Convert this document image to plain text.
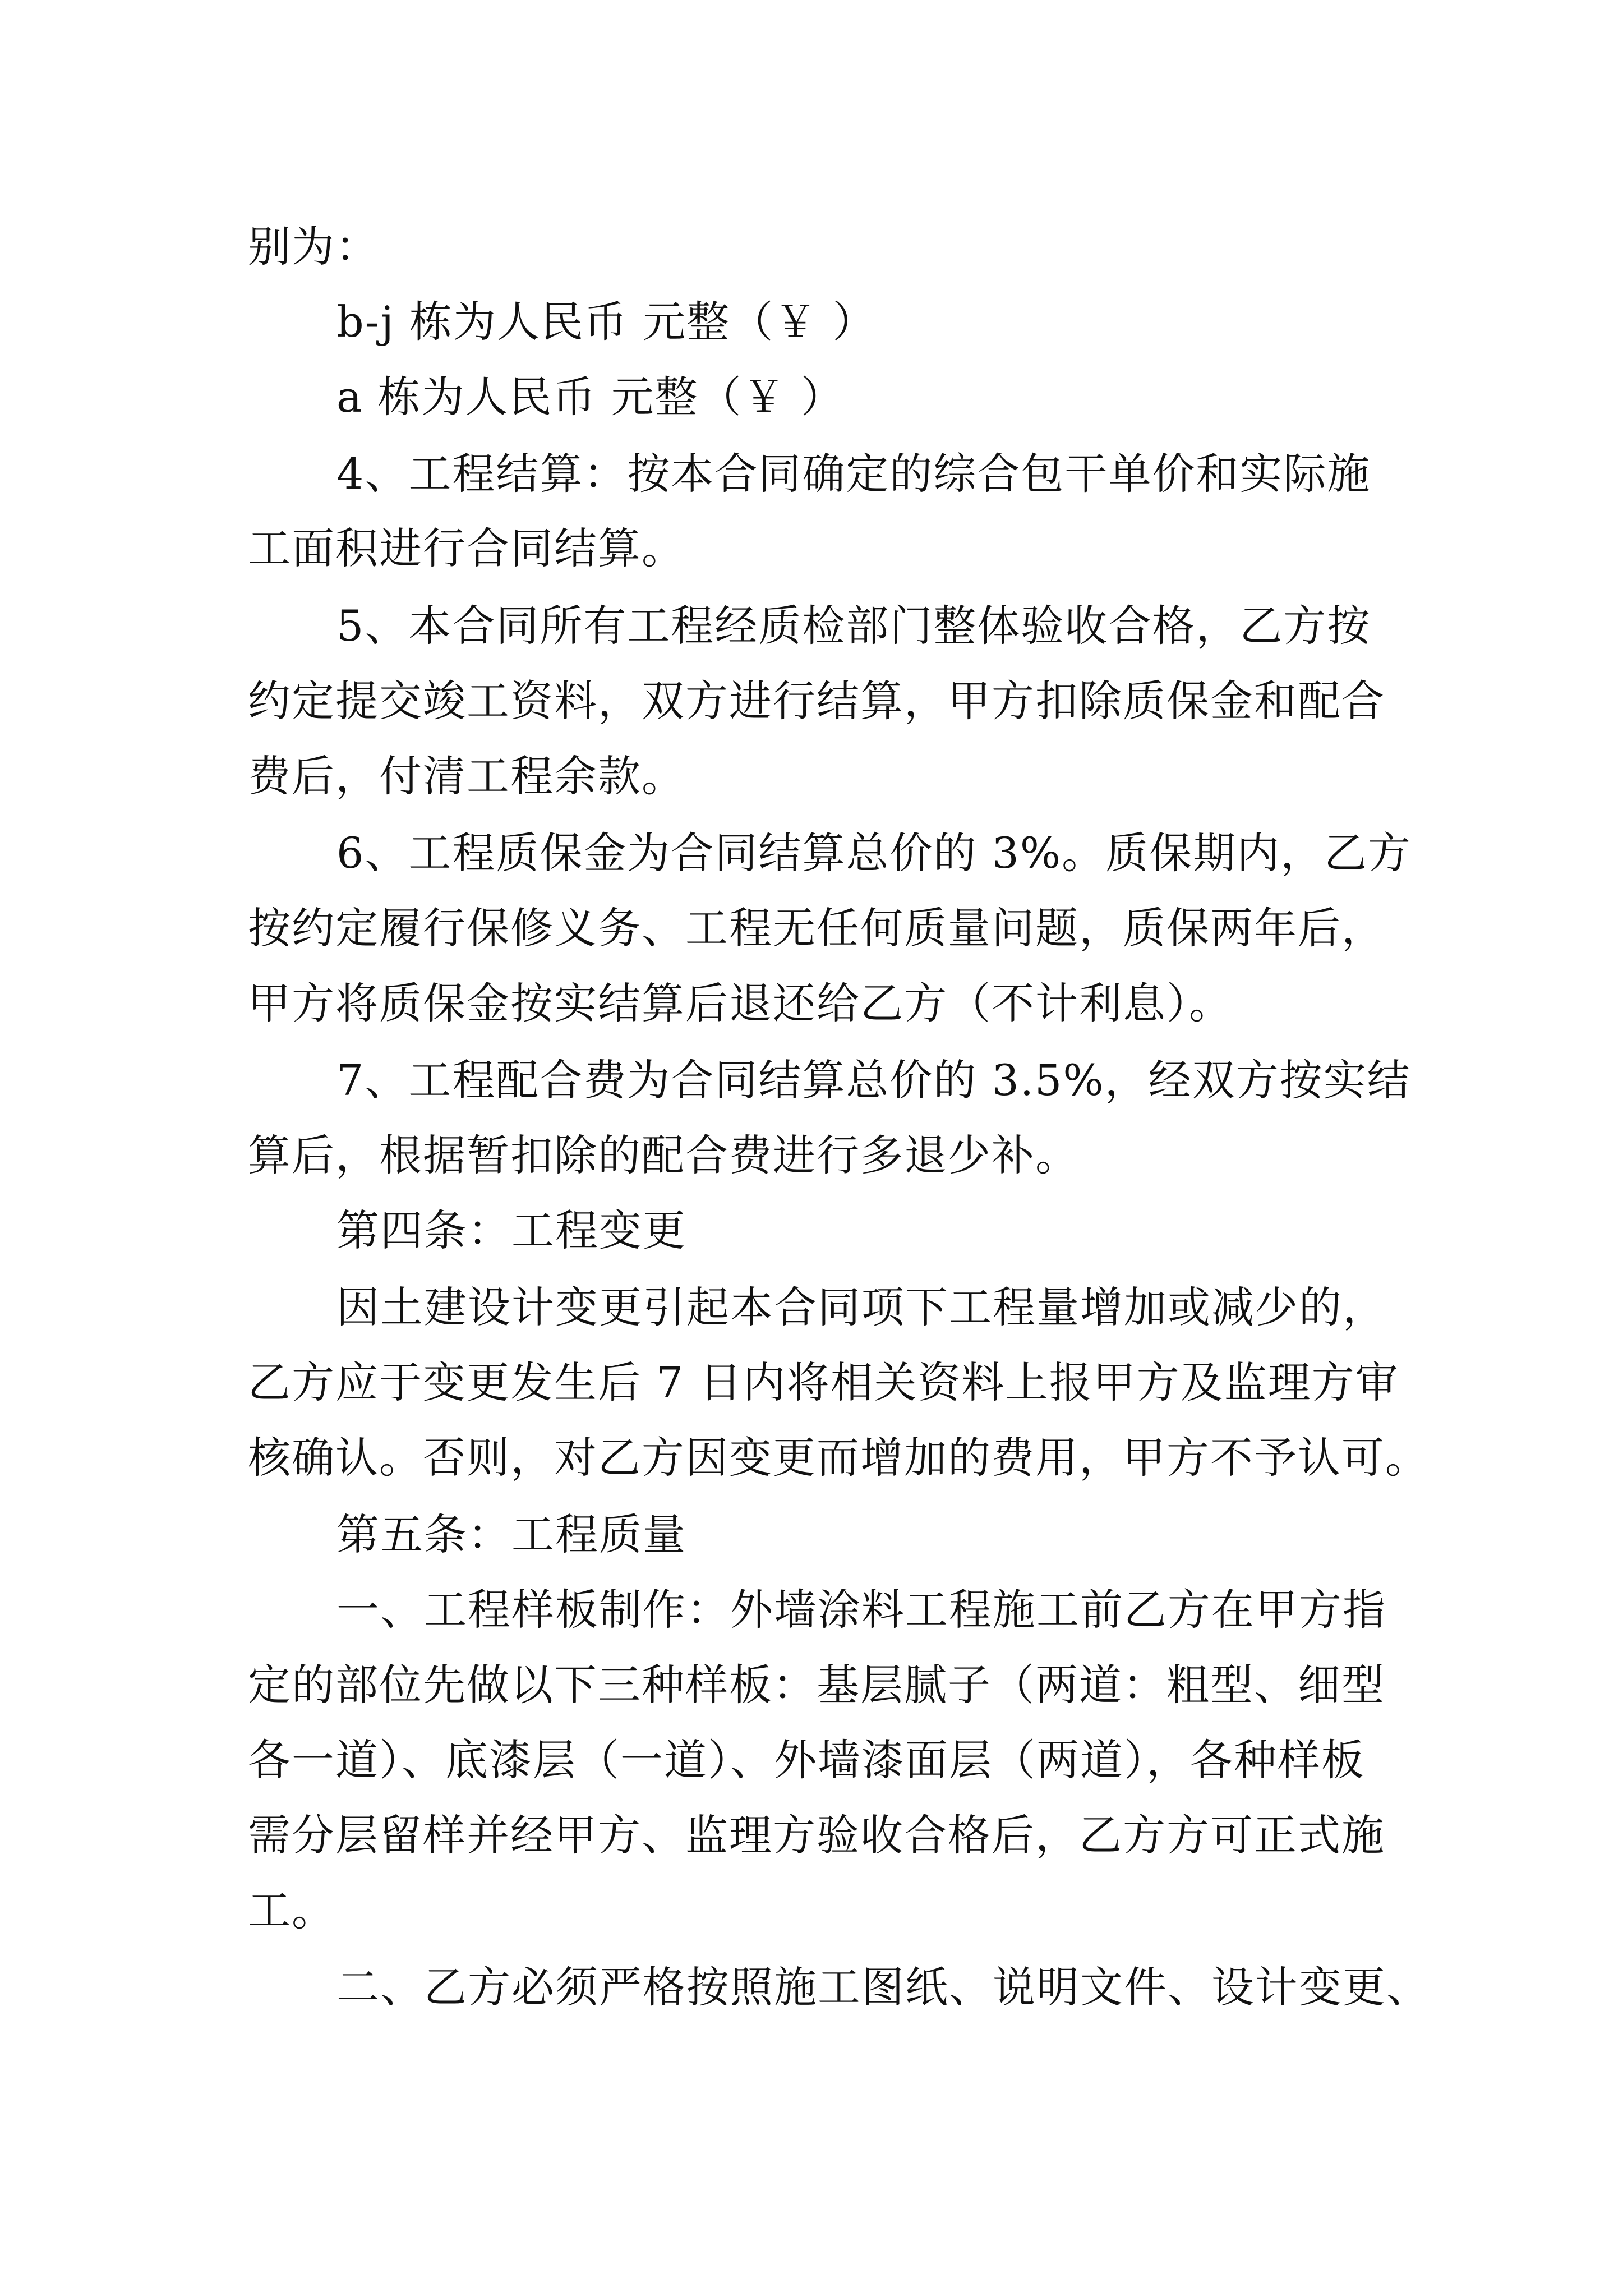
别为：
b-j 栋为人民币 元整（￥ ）
a 栋为人民币 元整（￥ ）
4、工程结算：按本合同确定的综合包干单价和实际施
工面积进行合同结算。
5、本合同所有工程经质检部门整体验收合格，乙方按
约定提交竣工资料，双方进行结算，甲方扣除质保金和配合
费后，付清工程余款。
6、工程质保金为合同结算总价的 3%。质保期内，乙方
按约定履行保修义务、工程无任何质量问题，质保两年后，
甲方将质保金按实结算后退还给乙方（不计利息）。
7、工程配合费为合同结算总价的 3.5%，经双方按实结
算后，根据暂扣除的配合费进行多退少补。
第四条：工程变更
因土建设计变更引起本合同项下工程量增加或减少的，
乙方应于变更发生后 7 日内将相关资料上报甲方及监理方审
核确认。否则，对乙方因变更而增加的费用，甲方不予认可。
第五条：工程质量
一、工程样板制作：外墙涂料工程施工前乙方在甲方指
定的部位先做以下三种样板：基层腻子（两道：粗型、细型
各一道）、底漆层（一道）、外墙漆面层（两道），各种样板
需分层留样并经甲方、监理方验收合格后，乙方方可正式施
工。
二、乙方必须严格按照施工图纸、说明文件、设计变更、
